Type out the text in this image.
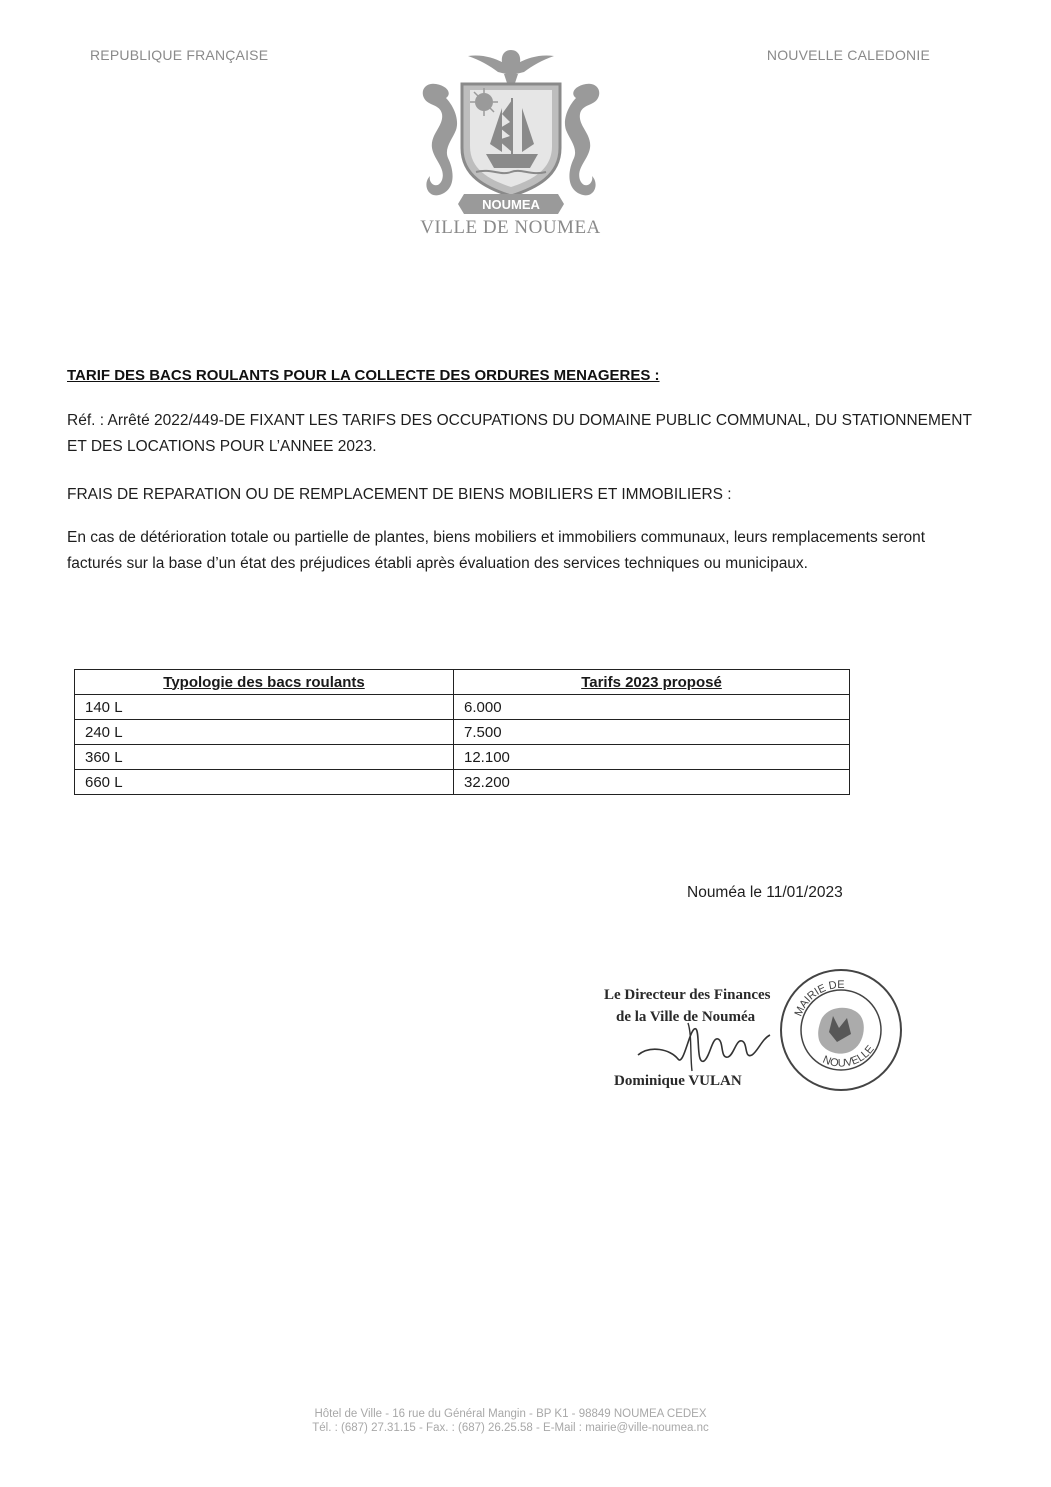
REPUBLIQUE FRANÇAISE	NOUVELLE CALEDONIE
NOUMEA
VILLE DE NOUMEA
TARIF DES BACS ROULANTS POUR LA COLLECTE DES ORDURES MENAGERES :
Réf. : Arrêté 2022/449-DE FIXANT LES TARIFS DES OCCUPATIONS DU DOMAINE PUBLIC COMMUNAL, DU STATIONNEMENT ET DES LOCATIONS POUR L’ANNEE 2023.
FRAIS DE REPARATION OU DE REMPLACEMENT DE BIENS MOBILIERS ET IMMOBILIERS :
En cas de détérioration totale ou partielle de plantes, biens mobiliers et immobiliers communaux, leurs remplacements seront facturés sur la base d’un état des préjudices établi après évaluation des services techniques ou municipaux.
Typologie des bacs roulants	Tarifs 2023 proposé
140 L	6.000
240 L	7.500
360 L	12.100
660 L	32.200
Nouméa le 11/01/2023
Le Directeur des Finances
de la Ville de Nouméa
Dominique VULAN
MAIRIE DE
NOUVELLE
Hôtel de Ville - 16 rue du Général Mangin - BP K1 - 98849 NOUMEA CEDEX
Tél. : (687) 27.31.15 - Fax. : (687) 26.25.58 - E-Mail : mairie@ville-noumea.nc
